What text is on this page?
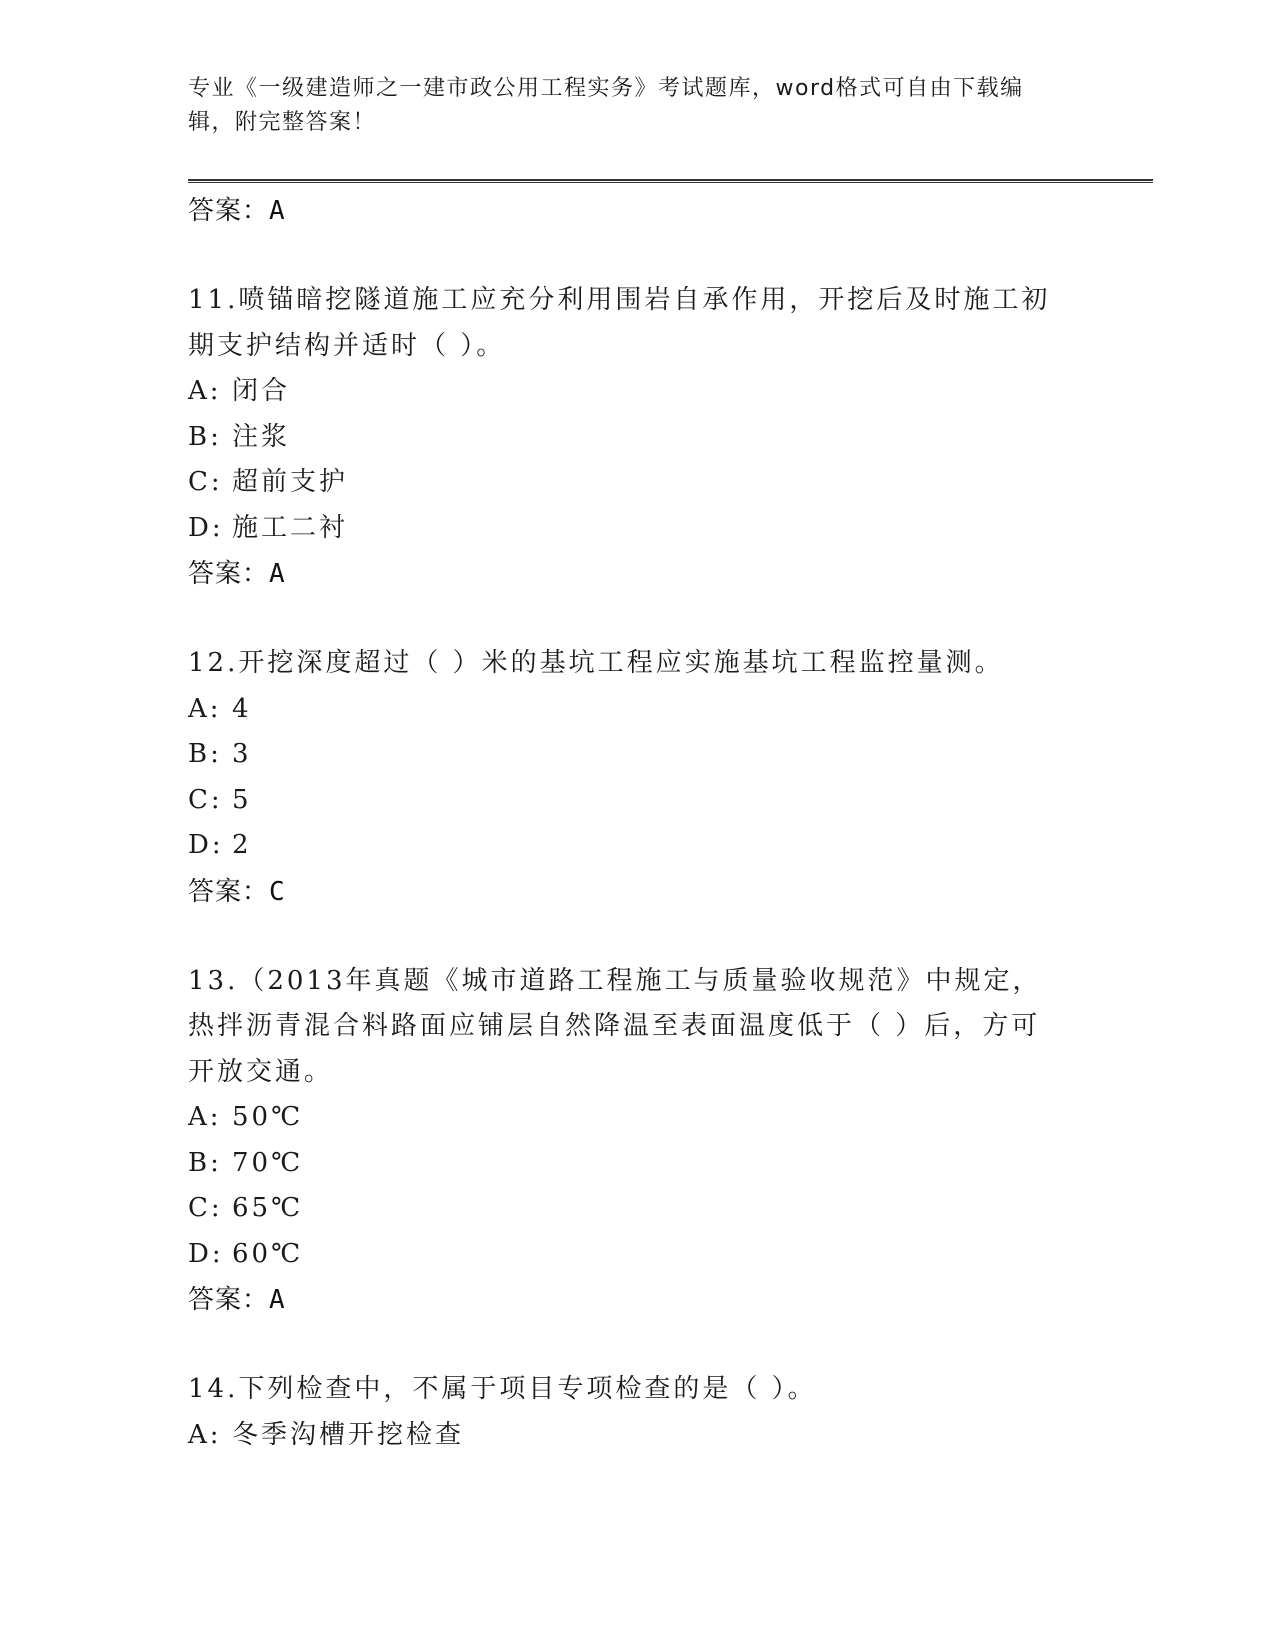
专业《一级建造师之一建市政公用工程实务》考试题库，word格式可自由下载编辑，附完整答案！
答案：A
11.喷锚暗挖隧道施工应充分利用围岩自承作用，开挖后及时施工初期支护结构并适时（ ）。
A: 闭合
B: 注浆
C: 超前支护
D: 施工二衬
答案：A
12.开挖深度超过（ ）米的基坑工程应实施基坑工程监控量测。
A: 4
B: 3
C: 5
D: 2
答案：C
13.（2013年真题《城市道路工程施工与质量验收规范》中规定，热拌沥青混合料路面应铺层自然降温至表面温度低于（ ）后，方可开放交通。
A: 50℃
B: 70℃
C: 65℃
D: 60℃
答案：A
14.下列检查中，不属于项目专项检查的是（ ）。
A: 冬季沟槽开挖检查
